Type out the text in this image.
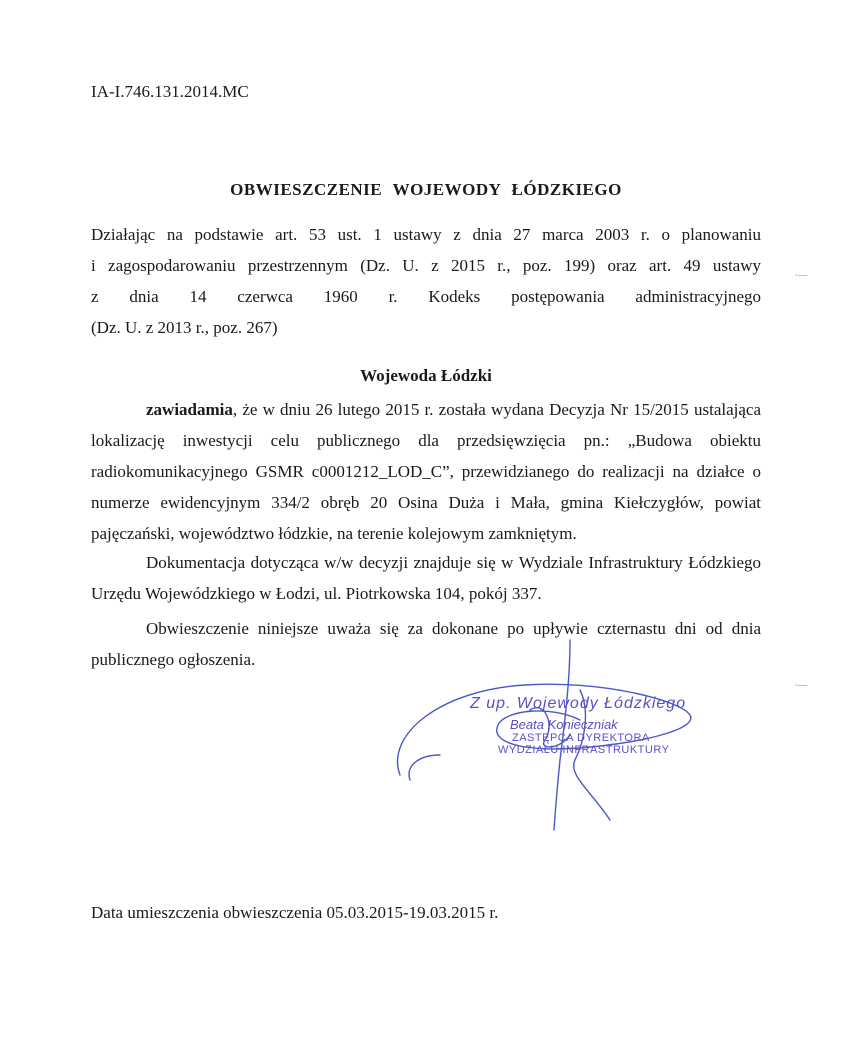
IA-I.746.131.2014.MC
OBWIESZCZENIE WOJEWODY ŁÓDZKIEGO
Działając na podstawie art. 53 ust. 1 ustawy z dnia 27 marca 2003 r. o planowaniu
i zagospodarowaniu przestrzennym (Dz. U. z 2015 r., poz. 199) oraz art. 49 ustawy
z dnia 14 czerwca 1960 r. Kodeks postępowania administracyjnego
(Dz. U. z 2013 r., poz. 267)
Wojewoda Łódzki
zawiadamia, że w dniu 26 lutego 2015 r. została wydana Decyzja Nr 15/2015 ustalająca lokalizację inwestycji celu publicznego dla przedsięwzięcia pn.: „Budowa obiektu radiokomunikacyjnego GSMR c0001212_LOD_C”, przewidzianego do realizacji na działce o numerze ewidencyjnym 334/2 obręb 20 Osina Duża i Mała, gmina Kiełczygłów, powiat pajęczański, województwo łódzkie, na terenie kolejowym zamkniętym.
Dokumentacja dotycząca w/w decyzji znajduje się w Wydziale Infrastruktury Łódzkiego Urzędu Wojewódzkiego w Łodzi, ul. Piotrkowska 104, pokój 337.
Obwieszczenie niniejsze uważa się za dokonane po upływie czternastu dni od dnia publicznego ogłoszenia.
Z up. Wojewody Łódzkiego
Beata Konieczniak
ZASTĘPCA DYREKTORA
WYDZIAŁU INFRASTRUKTURY
Data umieszczenia obwieszczenia 05.03.2015-19.03.2015 r.
·—
·—
